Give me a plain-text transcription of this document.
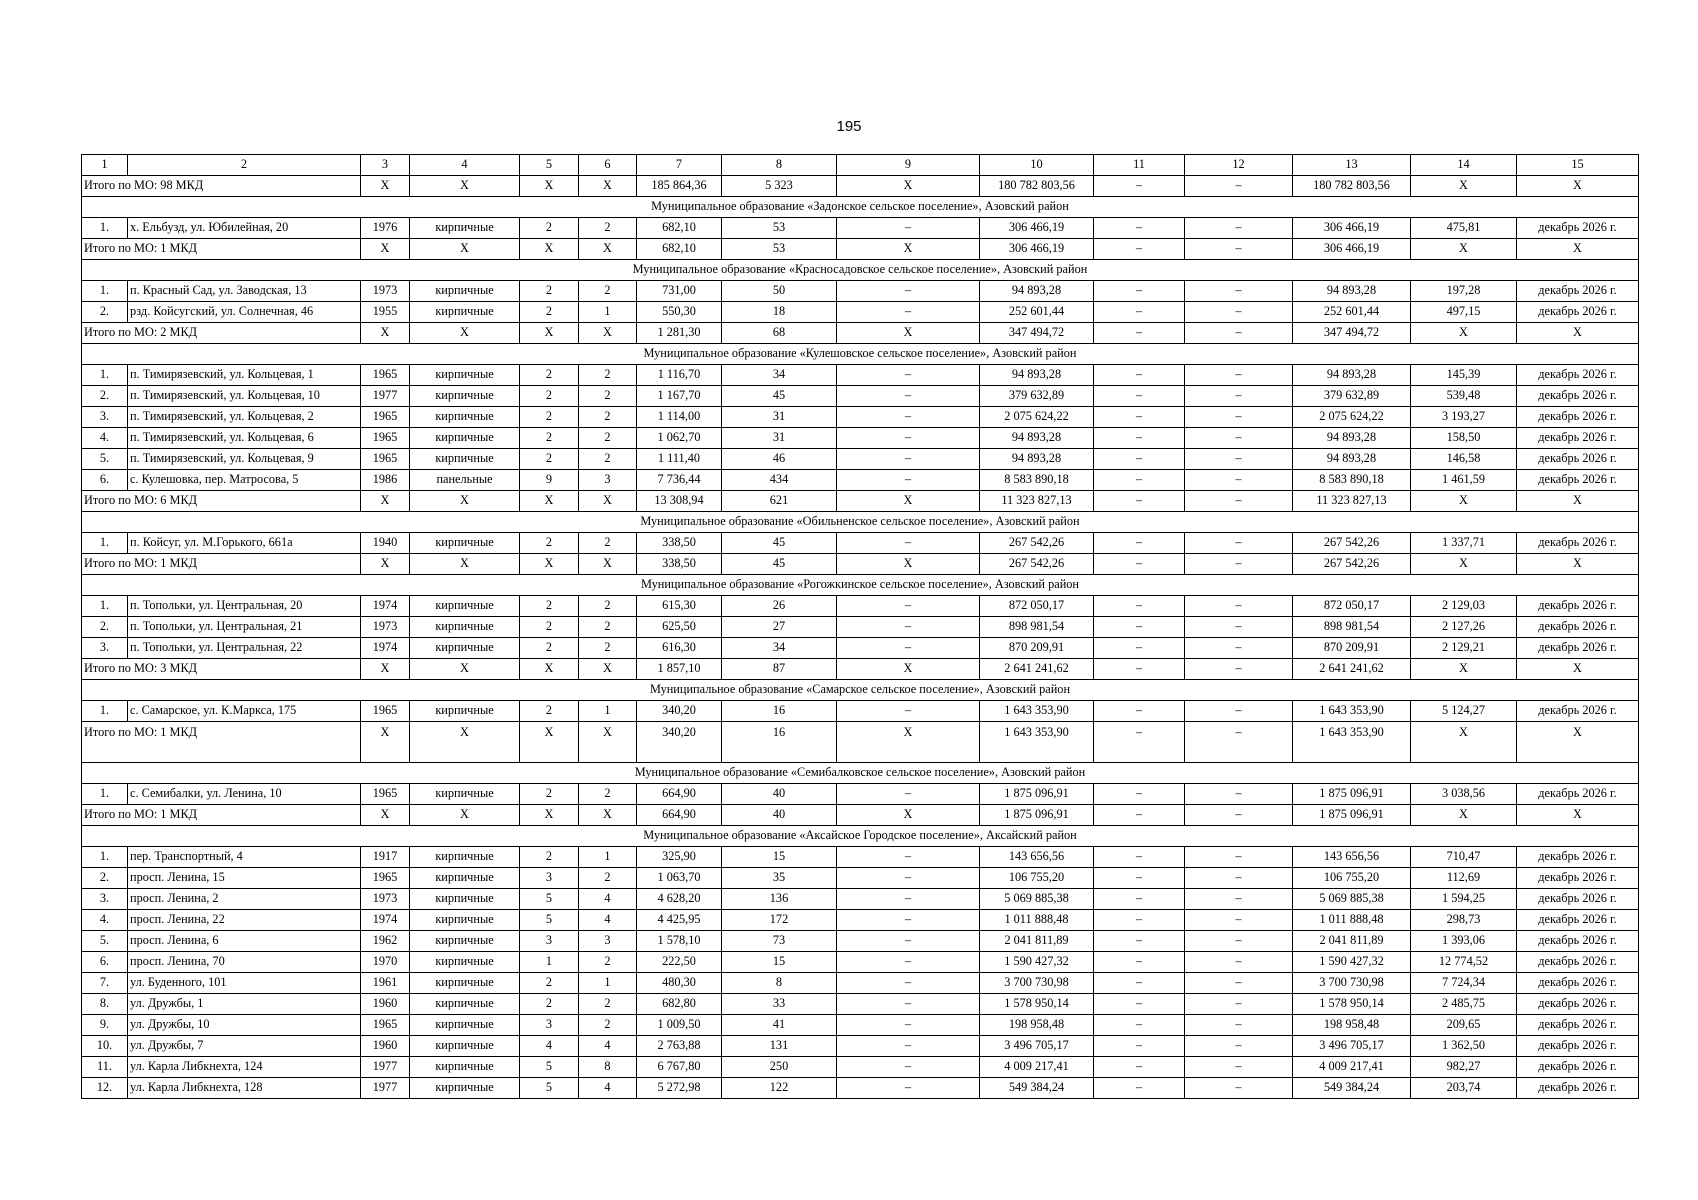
195
1	2	3	4	5	6	7	8	9	10	11	12	13	14	15
Итого по МО: 98 МКД		Х	Х	Х	Х	185 864,36	5 323	Х	180 782 803,56	–	–	180 782 803,56	Х	Х
Муниципальное образование «Задонское сельское поселение», Азовский район														
1.	х. Ельбузд, ул. Юбилейная, 20	1976	кирпичные	2	2	682,10	53	–	306 466,19	–	–	306 466,19	475,81	декабрь 2026 г.
Итого по МО: 1 МКД		Х	Х	Х	Х	682,10	53	Х	306 466,19	–	–	306 466,19	Х	Х
Муниципальное образование «Красносадовское сельское поселение», Азовский район														
1.	п. Красный Сад, ул. Заводская, 13	1973	кирпичные	2	2	731,00	50	–	94 893,28	–	–	94 893,28	197,28	декабрь 2026 г.
2.	рзд. Койсугский, ул. Солнечная, 46	1955	кирпичные	2	1	550,30	18	–	252 601,44	–	–	252 601,44	497,15	декабрь 2026 г.
Итого по МО: 2 МКД		Х	Х	Х	Х	1 281,30	68	Х	347 494,72	–	–	347 494,72	Х	Х
Муниципальное образование «Кулешовское сельское поселение», Азовский район														
1.	п. Тимирязевский, ул. Кольцевая, 1	1965	кирпичные	2	2	1 116,70	34	–	94 893,28	–	–	94 893,28	145,39	декабрь 2026 г.
2.	п. Тимирязевский, ул. Кольцевая, 10	1977	кирпичные	2	2	1 167,70	45	–	379 632,89	–	–	379 632,89	539,48	декабрь 2026 г.
3.	п. Тимирязевский, ул. Кольцевая, 2	1965	кирпичные	2	2	1 114,00	31	–	2 075 624,22	–	–	2 075 624,22	3 193,27	декабрь 2026 г.
4.	п. Тимирязевский, ул. Кольцевая, 6	1965	кирпичные	2	2	1 062,70	31	–	94 893,28	–	–	94 893,28	158,50	декабрь 2026 г.
5.	п. Тимирязевский, ул. Кольцевая, 9	1965	кирпичные	2	2	1 111,40	46	–	94 893,28	–	–	94 893,28	146,58	декабрь 2026 г.
6.	с. Кулешовка, пер. Матросова, 5	1986	панельные	9	3	7 736,44	434	–	8 583 890,18	–	–	8 583 890,18	1 461,59	декабрь 2026 г.
Итого по МО: 6 МКД		Х	Х	Х	Х	13 308,94	621	Х	11 323 827,13	–	–	11 323 827,13	Х	Х
Муниципальное образование «Обильненское сельское поселение», Азовский район														
1.	п. Койсуг, ул. М.Горького, 661а	1940	кирпичные	2	2	338,50	45	–	267 542,26	–	–	267 542,26	1 337,71	декабрь 2026 г.
Итого по МО: 1 МКД		Х	Х	Х	Х	338,50	45	Х	267 542,26	–	–	267 542,26	Х	Х
Муниципальное образование «Рогожкинское сельское поселение», Азовский район														
1.	п. Топольки, ул. Центральная, 20	1974	кирпичные	2	2	615,30	26	–	872 050,17	–	–	872 050,17	2 129,03	декабрь 2026 г.
2.	п. Топольки, ул. Центральная, 21	1973	кирпичные	2	2	625,50	27	–	898 981,54	–	–	898 981,54	2 127,26	декабрь 2026 г.
3.	п. Топольки, ул. Центральная, 22	1974	кирпичные	2	2	616,30	34	–	870 209,91	–	–	870 209,91	2 129,21	декабрь 2026 г.
Итого по МО: 3 МКД		Х	Х	Х	Х	1 857,10	87	Х	2 641 241,62	–	–	2 641 241,62	Х	Х
Муниципальное образование «Самарское сельское поселение», Азовский район														
1.	с. Самарское, ул. К.Маркса, 175	1965	кирпичные	2	1	340,20	16	–	1 643 353,90	–	–	1 643 353,90	5 124,27	декабрь 2026 г.
Итого по МО: 1 МКД		Х	Х	Х	Х	340,20	16	Х	1 643 353,90	–	–	1 643 353,90	Х	Х
Муниципальное образование «Семибалковское сельское поселение», Азовский район														
1.	с. Семибалки, ул. Ленина, 10	1965	кирпичные	2	2	664,90	40	–	1 875 096,91	–	–	1 875 096,91	3 038,56	декабрь 2026 г.
Итого по МО: 1 МКД		Х	Х	Х	Х	664,90	40	Х	1 875 096,91	–	–	1 875 096,91	Х	Х
Муниципальное образование «Аксайское Городское поселение», Аксайский район														
1.	пер. Транспортный, 4	1917	кирпичные	2	1	325,90	15	–	143 656,56	–	–	143 656,56	710,47	декабрь 2026 г.
2.	просп. Ленина, 15	1965	кирпичные	3	2	1 063,70	35	–	106 755,20	–	–	106 755,20	112,69	декабрь 2026 г.
3.	просп. Ленина, 2	1973	кирпичные	5	4	4 628,20	136	–	5 069 885,38	–	–	5 069 885,38	1 594,25	декабрь 2026 г.
4.	просп. Ленина, 22	1974	кирпичные	5	4	4 425,95	172	–	1 011 888,48	–	–	1 011 888,48	298,73	декабрь 2026 г.
5.	просп. Ленина, 6	1962	кирпичные	3	3	1 578,10	73	–	2 041 811,89	–	–	2 041 811,89	1 393,06	декабрь 2026 г.
6.	просп. Ленина, 70	1970	кирпичные	1	2	222,50	15	–	1 590 427,32	–	–	1 590 427,32	12 774,52	декабрь 2026 г.
7.	ул. Буденного, 101	1961	кирпичные	2	1	480,30	8	–	3 700 730,98	–	–	3 700 730,98	7 724,34	декабрь 2026 г.
8.	ул. Дружбы, 1	1960	кирпичные	2	2	682,80	33	–	1 578 950,14	–	–	1 578 950,14	2 485,75	декабрь 2026 г.
9.	ул. Дружбы, 10	1965	кирпичные	3	2	1 009,50	41	–	198 958,48	–	–	198 958,48	209,65	декабрь 2026 г.
10.	ул. Дружбы, 7	1960	кирпичные	4	4	2 763,88	131	–	3 496 705,17	–	–	3 496 705,17	1 362,50	декабрь 2026 г.
11.	ул. Карла Либкнехта, 124	1977	кирпичные	5	8	6 767,80	250	–	4 009 217,41	–	–	4 009 217,41	982,27	декабрь 2026 г.
12.	ул. Карла Либкнехта, 128	1977	кирпичные	5	4	5 272,98	122	–	549 384,24	–	–	549 384,24	203,74	декабрь 2026 г.
